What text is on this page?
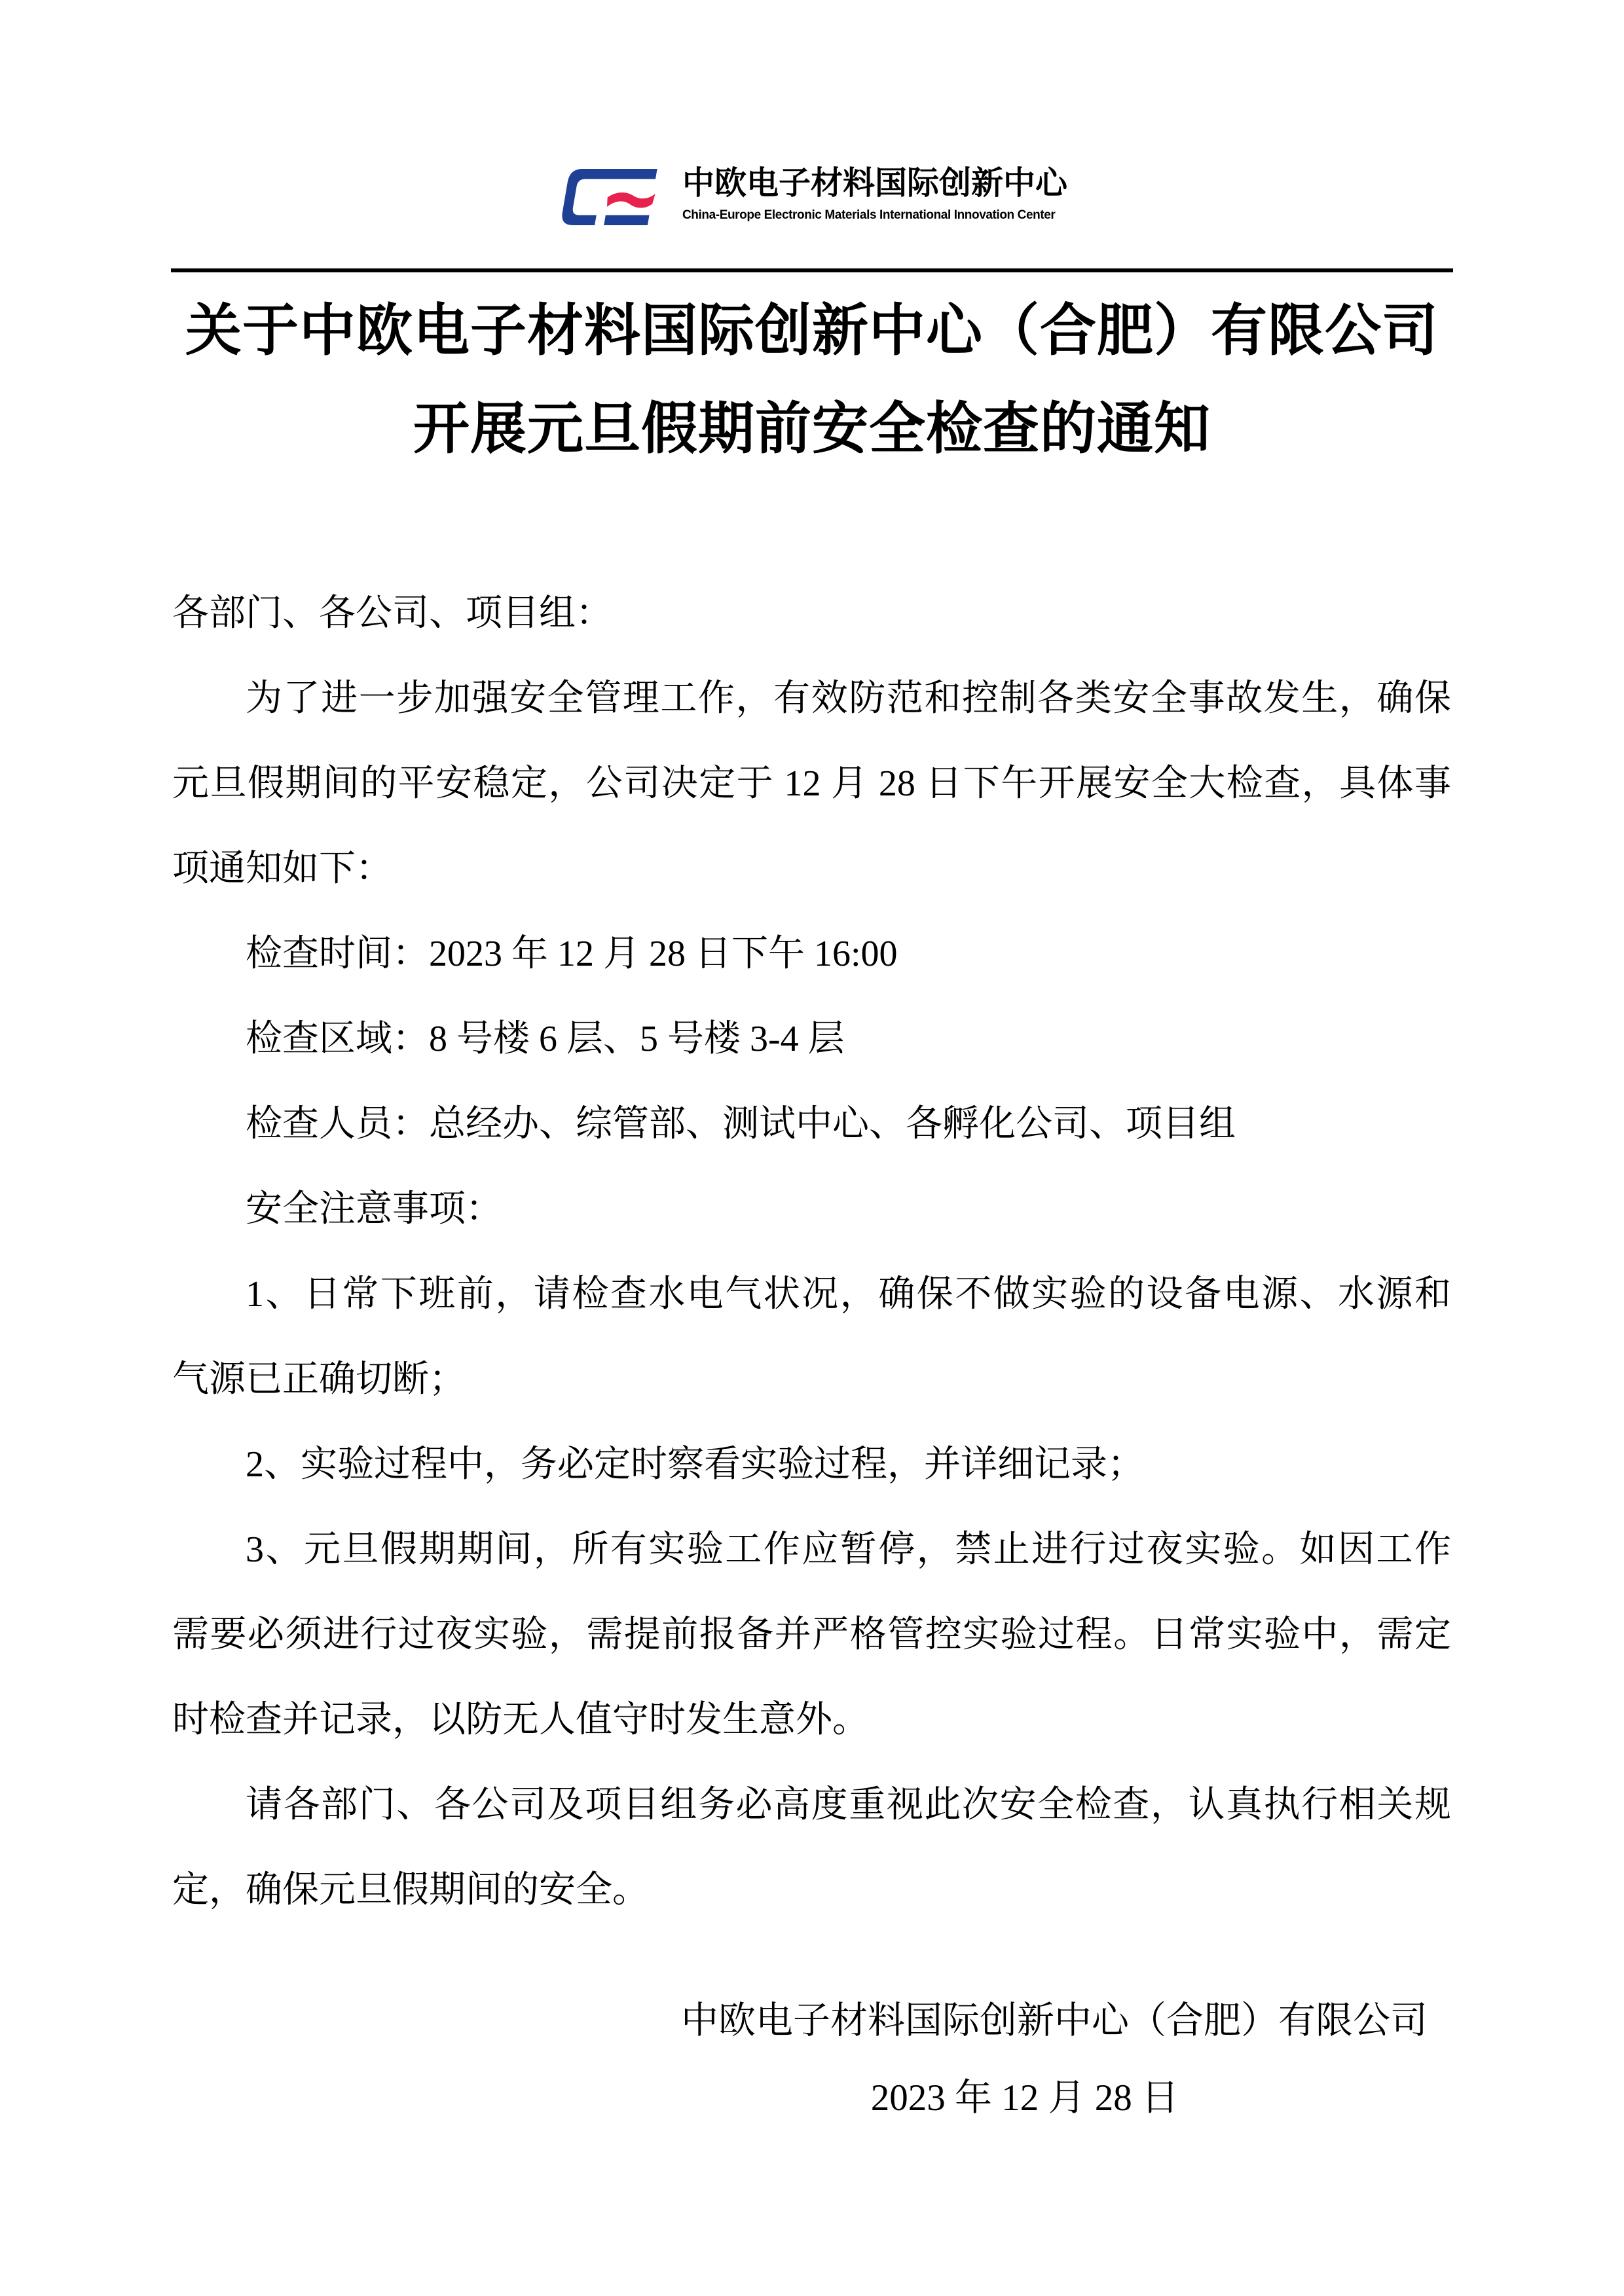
中欧电子材料国际创新中心
China-Europe Electronic Materials International Innovation Center
关于中欧电子材料国际创新中心（合肥）有限公司
开展元旦假期前安全检查的通知
各部门、各公司、项目组：
为了进一步加强安全管理工作，有效防范和控制各类安全事故发生，确保
元旦假期间的平安稳定，公司决定于 12 月 28 日下午开展安全大检查，具体事
项通知如下：
检查时间：2023 年 12 月 28 日下午 16:00
检查区域：8 号楼 6 层、5 号楼 3-4 层
检查人员：总经办、综管部、测试中心、各孵化公司、项目组
安全注意事项：
1、日常下班前，请检查水电气状况，确保不做实验的设备电源、水源和
气源已正确切断；
2、实验过程中，务必定时察看实验过程，并详细记录；
3、元旦假期期间，所有实验工作应暂停，禁止进行过夜实验。如因工作
需要必须进行过夜实验，需提前报备并严格管控实验过程。日常实验中，需定
时检查并记录，以防无人值守时发生意外。
请各部门、各公司及项目组务必高度重视此次安全检查，认真执行相关规
定，确保元旦假期间的安全。
中欧电子材料国际创新中心（合肥）有限公司
2023 年 12 月 28 日
